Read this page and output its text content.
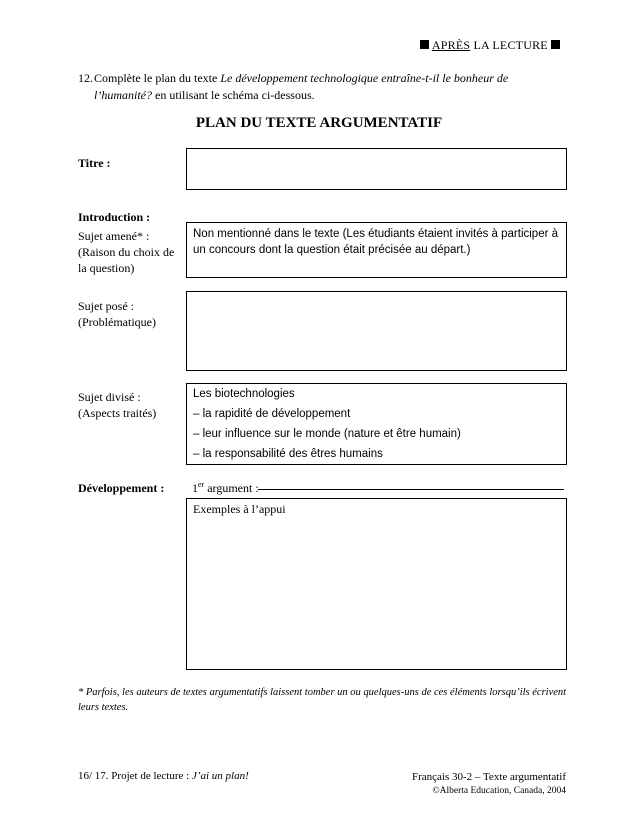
APRÈS LA LECTURE
12. Complète le plan du texte Le développement technologique entraîne-t-il le bonheur de l’humanité? en utilisant le schéma ci-dessous.
PLAN DU TEXTE ARGUMENTATIF
Titre :
Introduction :
Sujet amené* :
(Raison du choix de la question)
Non mentionné dans le texte (Les étudiants étaient invités à participer à un concours dont la question était précisée au départ.)
Sujet posé :
(Problématique)
Sujet divisé :
(Aspects traités)
Les biotechnologies
– la rapidité de développement
– leur influence sur le monde (nature et être humain)
– la responsabilité des êtres humains
Développement : 1er argument :
Exemples à l’appui
* Parfois, les auteurs de textes argumentatifs laissent tomber un ou quelques-uns de ces éléments lorsqu’ils écrivent leurs textes.
16/ 17. Projet de lecture : J’ai un plan!	Français 30-2 – Texte argumentatif
©Alberta Education, Canada, 2004
